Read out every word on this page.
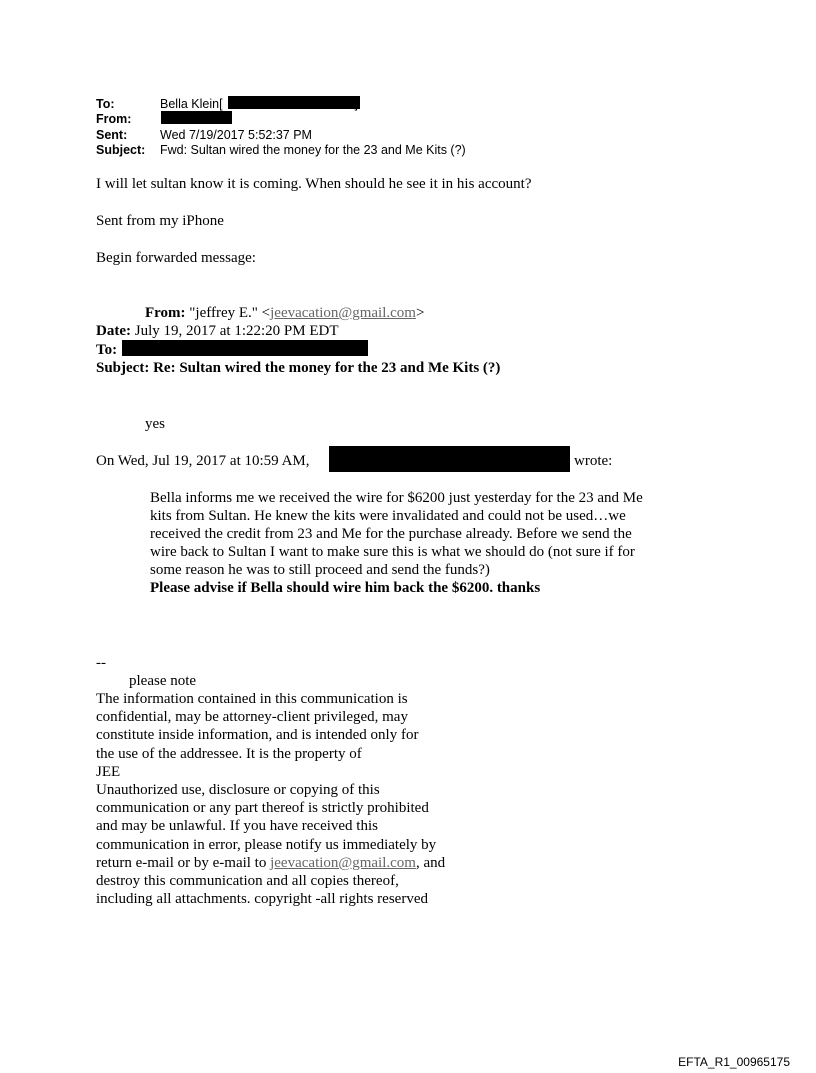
To:	Bella Klein[
From:
Sent:	Wed 7/19/2017 5:52:37 PM
Subject: Fwd: Sultan wired the money for the 23 and Me Kits (?)
I will let sultan know it is coming. When should he see it in his account?
Sent from my iPhone
Begin forwarded message:
From: "jeffrey E." <jeevacation@gmail.com>
Date: July 19, 2017 at 1:22:20 PM EDT
To:
Subject: Re: Sultan wired the money for the 23 and Me Kits (?)
yes
On Wed, Jul 19, 2017 at 10:59 AM,	wrote:
Bella informs me we received the wire for $6200 just yesterday for the 23 and Me
kits from Sultan. He knew the kits were invalidated and could not be used…we
received the credit from 23 and Me for the purchase already. Before we send the
wire back to Sultan I want to make sure this is what we should do (not sure if for
some reason he was to still proceed and send the funds?)
Please advise if Bella should wire him back the $6200. thanks
--
please note
The information contained in this communication is
confidential, may be attorney-client privileged, may
constitute inside information, and is intended only for
the use of the addressee. It is the property of
JEE
Unauthorized use, disclosure or copying of this
communication or any part thereof is strictly prohibited
and may be unlawful. If you have received this
communication in error, please notify us immediately by
return e-mail or by e-mail to jeevacation@gmail.com, and
destroy this communication and all copies thereof,
including all attachments. copyright -all rights reserved
EFTA_R1_00965175
